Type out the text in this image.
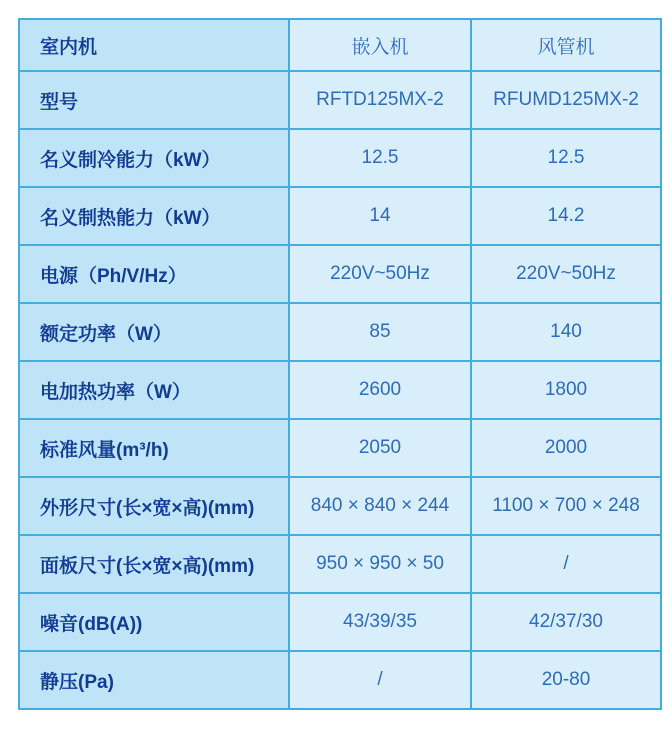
室内机	嵌入机	风管机
型号	RFTD125MX-2	RFUMD125MX-2
名义制冷能力（kW）	12.5	12.5
名义制热能力（kW）	14	14.2
电源（Ph/V/Hz）	220V~50Hz	220V~50Hz
额定功率（W）	85	140
电加热功率（W）	2600	1800
标准风量(m³/h)	2050	2000
外形尺寸(长×宽×高)(mm)	840 × 840 × 244	1100 × 700 × 248
面板尺寸(长×宽×高)(mm)	950 × 950 × 50	/
噪音(dB(A))	43/39/35	42/37/30
静压(Pa)	/	20-80
